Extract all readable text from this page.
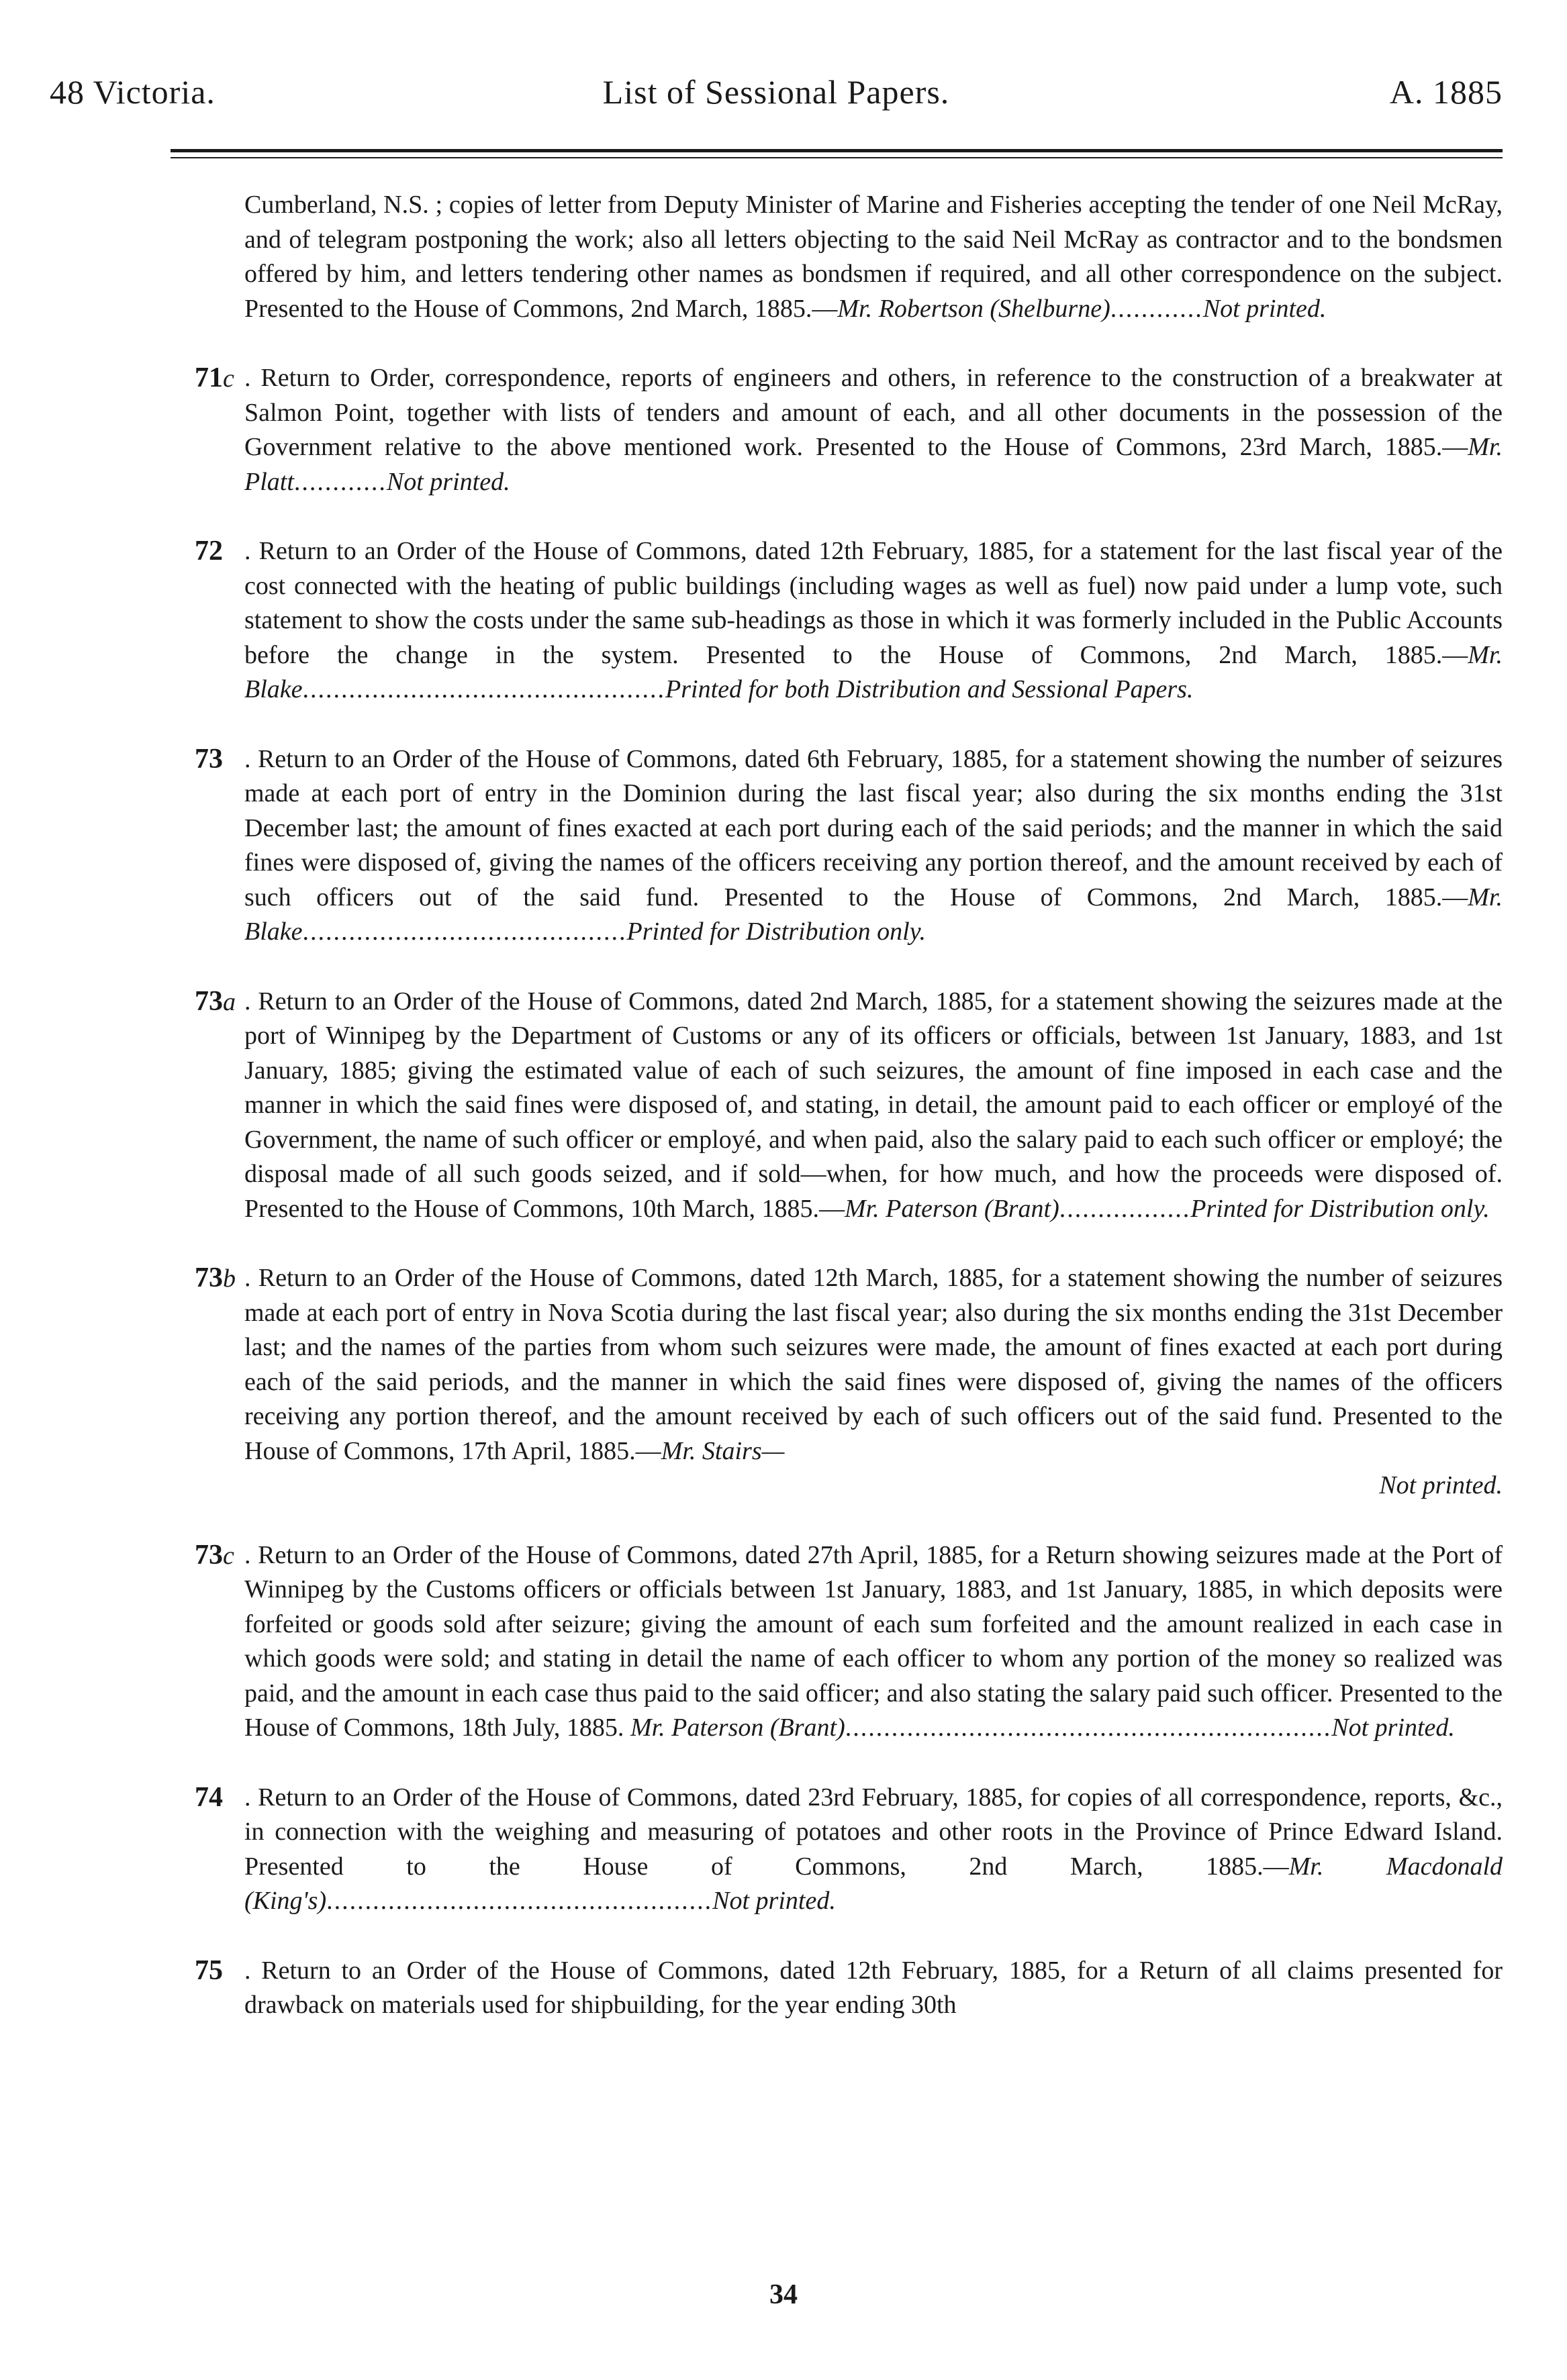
48 Victoria.	List of Sessional Papers.	A. 1885

Cumberland, N.S. ; copies of letter from Deputy Minister of Marine and Fisheries accepting the tender of one Neil McRay, and of telegram postponing the work; also all letters objecting to the said Neil McRay as contractor and to the bondsmen offered by him, and letters tendering other names as bondsmen if required, and all other correspondence on the subject. Presented to the House of Commons, 2nd March, 1885.—Mr. Robertson (Shelburne)............Not printed.

71c . Return to Order, correspondence, reports of engineers and others, in reference to the construction of a breakwater at Salmon Point, together with lists of tenders and amount of each, and all other documents in the possession of the Government relative to the above mentioned work. Presented to the House of Commons, 23rd March, 1885.—Mr. Platt............Not printed.

72 . Return to an Order of the House of Commons, dated 12th February, 1885, for a statement for the last fiscal year of the cost connected with the heating of public buildings (including wages as well as fuel) now paid under a lump vote, such statement to show the costs under the same sub-headings as those in which it was formerly included in the Public Accounts before the change in the system. Presented to the House of Commons, 2nd March, 1885.—Mr. Blake...............................................Printed for both Distribution and Sessional Papers.

73 . Return to an Order of the House of Commons, dated 6th February, 1885, for a statement showing the number of seizures made at each port of entry in the Dominion during the last fiscal year; also during the six months ending the 31st December last; the amount of fines exacted at each port during each of the said periods; and the manner in which the said fines were disposed of, giving the names of the officers receiving any portion thereof, and the amount received by each of such officers out of the said fund. Presented to the House of Commons, 2nd March, 1885.—Mr. Blake..........................................Printed for Distribution only.

73a . Return to an Order of the House of Commons, dated 2nd March, 1885, for a statement showing the seizures made at the port of Winnipeg by the Department of Customs or any of its officers or officials, between 1st January, 1883, and 1st January, 1885; giving the estimated value of each of such seizures, the amount of fine imposed in each case and the manner in which the said fines were disposed of, and stating, in detail, the amount paid to each officer or employé of the Government, the name of such officer or employé, and when paid, also the salary paid to each such officer or employé; the disposal made of all such goods seized, and if sold—when, for how much, and how the proceeds were disposed of. Presented to the House of Commons, 10th March, 1885.—Mr. Paterson (Brant).................Printed for Distribution only.

73b . Return to an Order of the House of Commons, dated 12th March, 1885, for a statement showing the number of seizures made at each port of entry in Nova Scotia during the last fiscal year; also during the six months ending the 31st December last; and the names of the parties from whom such seizures were made, the amount of fines exacted at each port during each of the said periods, and the manner in which the said fines were disposed of, giving the names of the officers receiving any portion thereof, and the amount received by each of such officers out of the said fund. Presented to the House of Commons, 17th April, 1885.—Mr. Stairs—
Not printed.

73c . Return to an Order of the House of Commons, dated 27th April, 1885, for a Return showing seizures made at the Port of Winnipeg by the Customs officers or officials between 1st January, 1883, and 1st January, 1885, in which deposits were forfeited or goods sold after seizure; giving the amount of each sum forfeited and the amount realized in each case in which goods were sold; and stating in detail the name of each officer to whom any portion of the money so realized was paid, and the amount in each case thus paid to the said officer; and also stating the salary paid such officer. Presented to the House of Commons, 18th July, 1885. Mr. Paterson (Brant)...............................................................Not printed.

74 . Return to an Order of the House of Commons, dated 23rd February, 1885, for copies of all correspondence, reports, &c., in connection with the weighing and measuring of potatoes and other roots in the Province of Prince Edward Island. Presented to the House of Commons, 2nd March, 1885.—Mr. Macdonald (King's)..................................................Not printed.

75 . Return to an Order of the House of Commons, dated 12th February, 1885, for a Return of all claims presented for drawback on materials used for shipbuilding, for the year ending 30th

34
